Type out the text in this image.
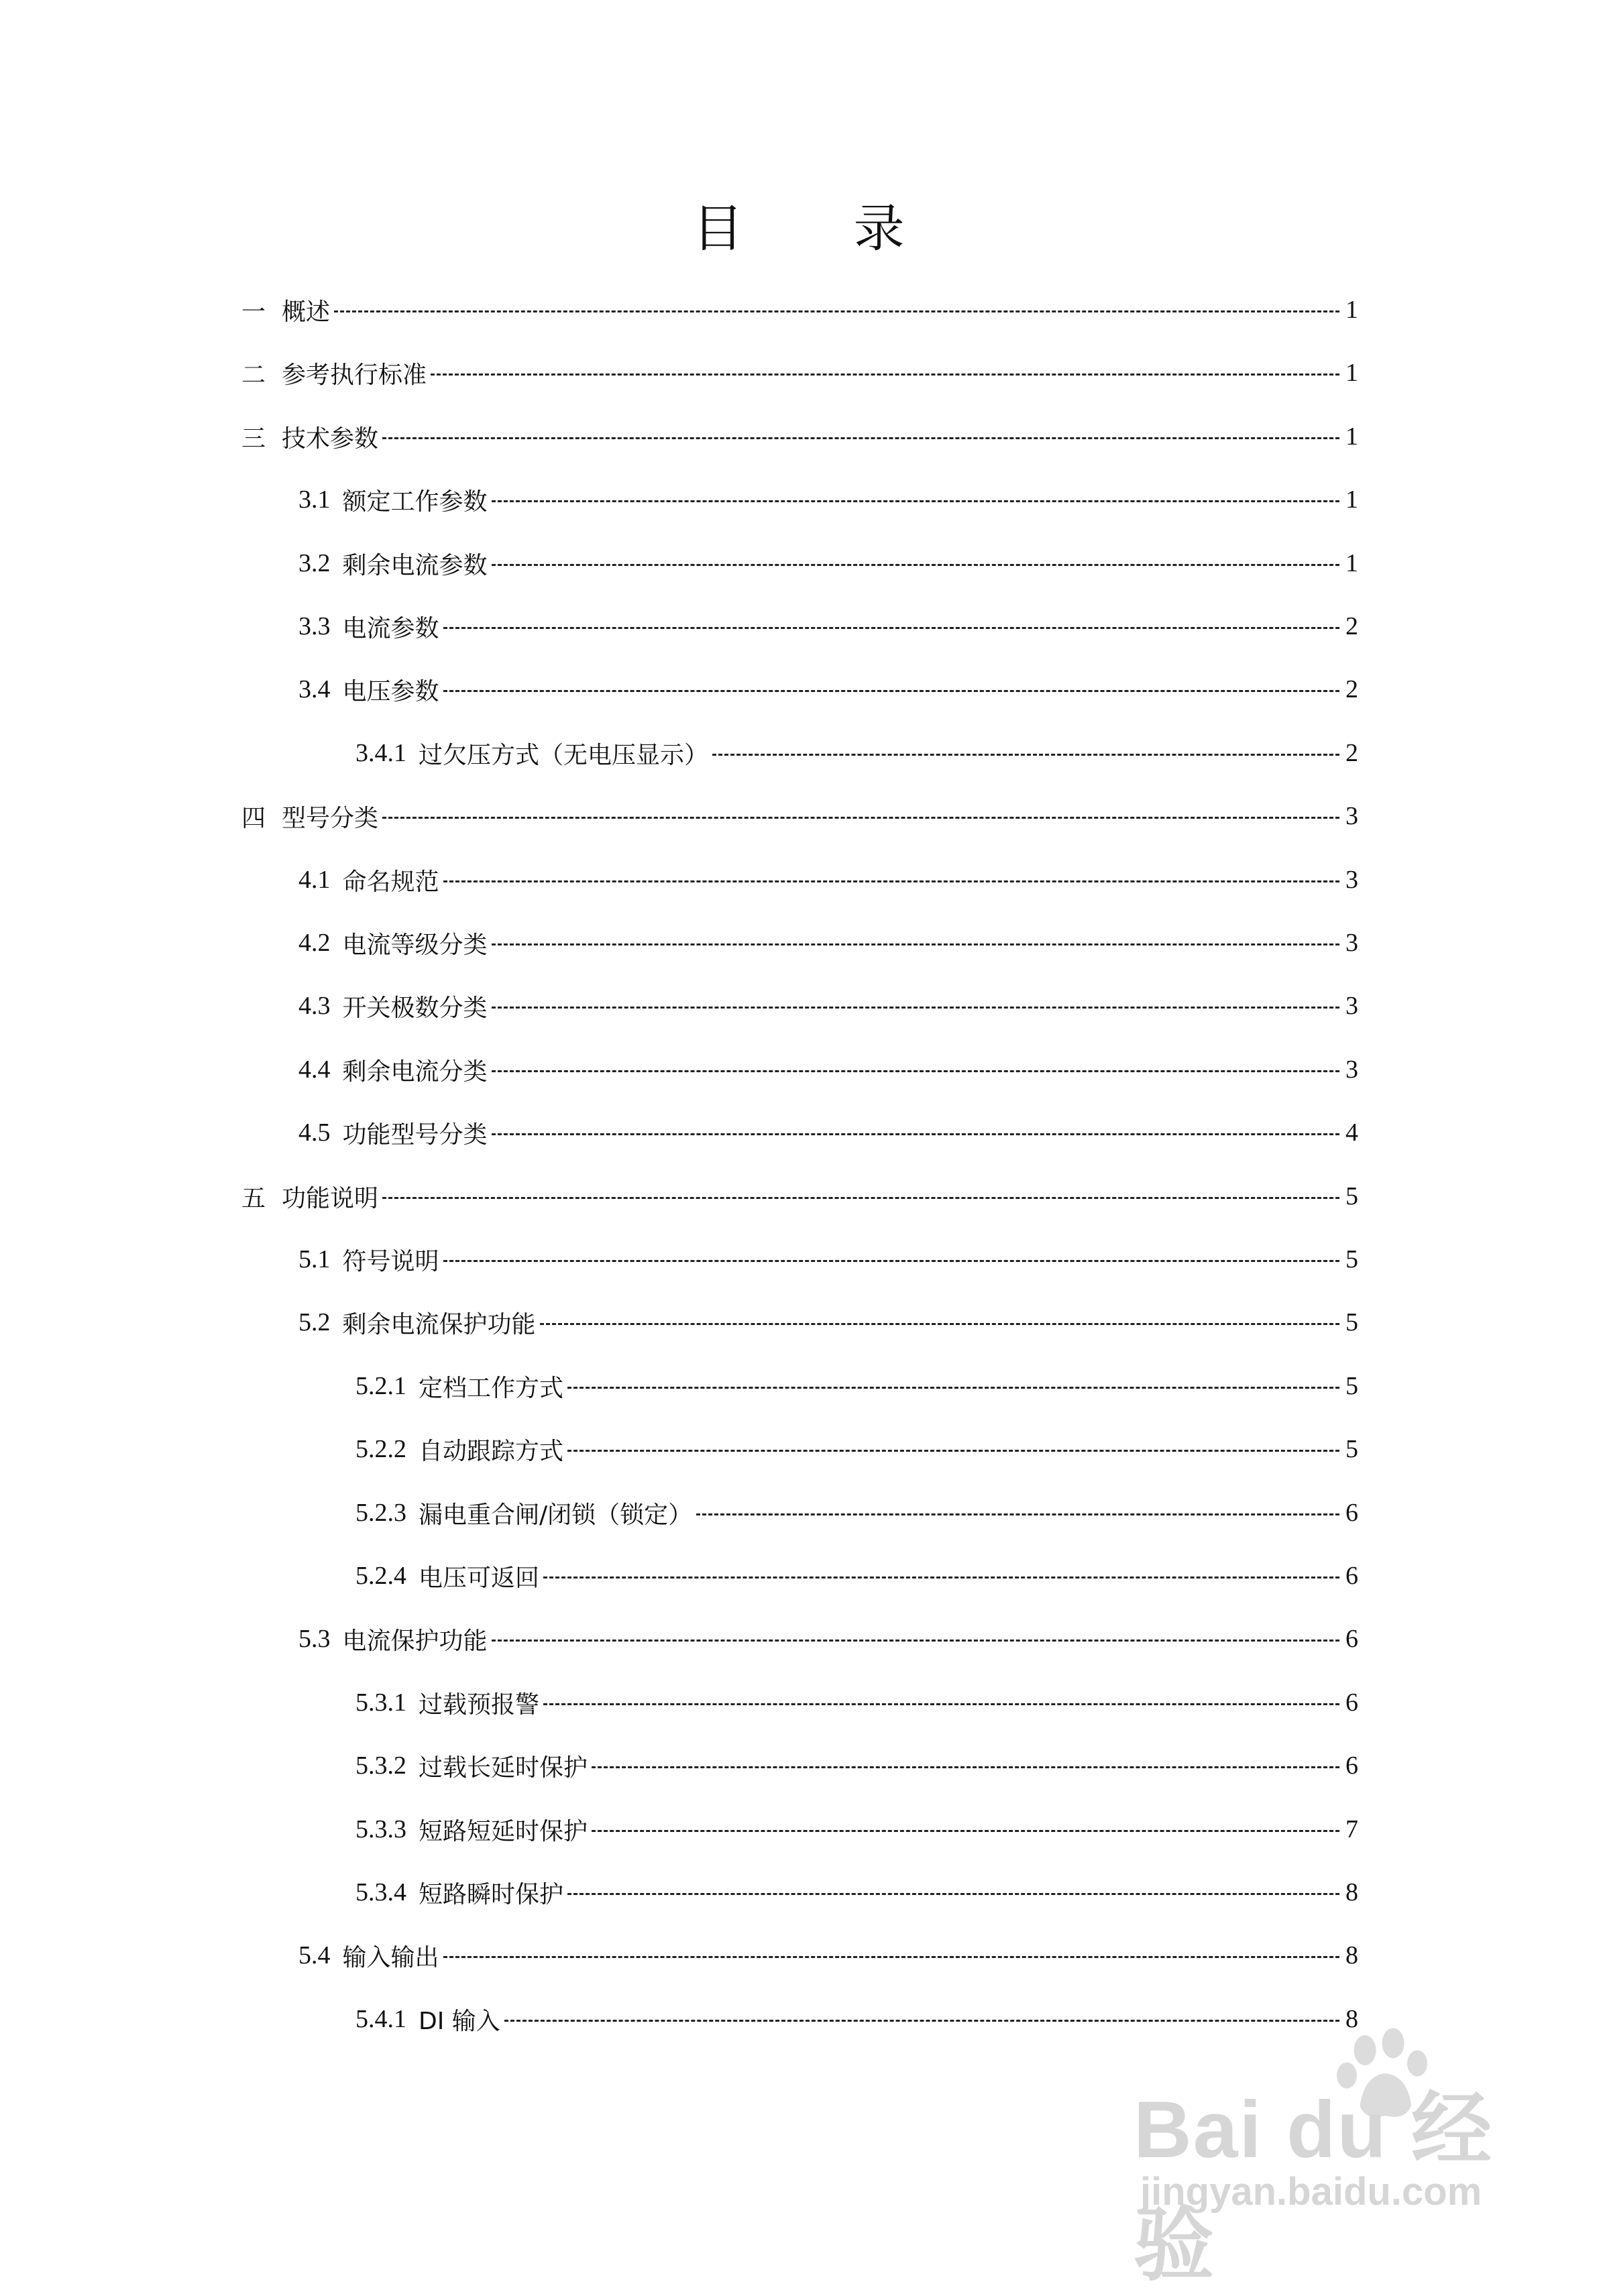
目 录
一 概述	1
二 参考执行标准	1
三 技术参数	1
3.1 额定工作参数	1
3.2 剩余电流参数	1
3.3 电流参数	2
3.4 电压参数	2
3.4.1 过欠压方式（无电压显示）	2
四 型号分类	3
4.1 命名规范	3
4.2 电流等级分类	3
4.3 开关极数分类	3
4.4 剩余电流分类	3
4.5 功能型号分类	4
五 功能说明	5
5.1 符号说明	5
5.2 剩余电流保护功能	5
5.2.1 定档工作方式	5
5.2.2 自动跟踪方式	5
5.2.3 漏电重合闸/闭锁（锁定）	6
5.2.4 电压可返回	6
5.3 电流保护功能	6
5.3.1 过载预报警	6
5.3.2 过载长延时保护	6
5.3.3 短路短延时保护	7
5.3.4 短路瞬时保护	8
5.4 输入输出	8
5.4.1 DI 输入	8
Bai du 经验
jingyan.baidu.com
